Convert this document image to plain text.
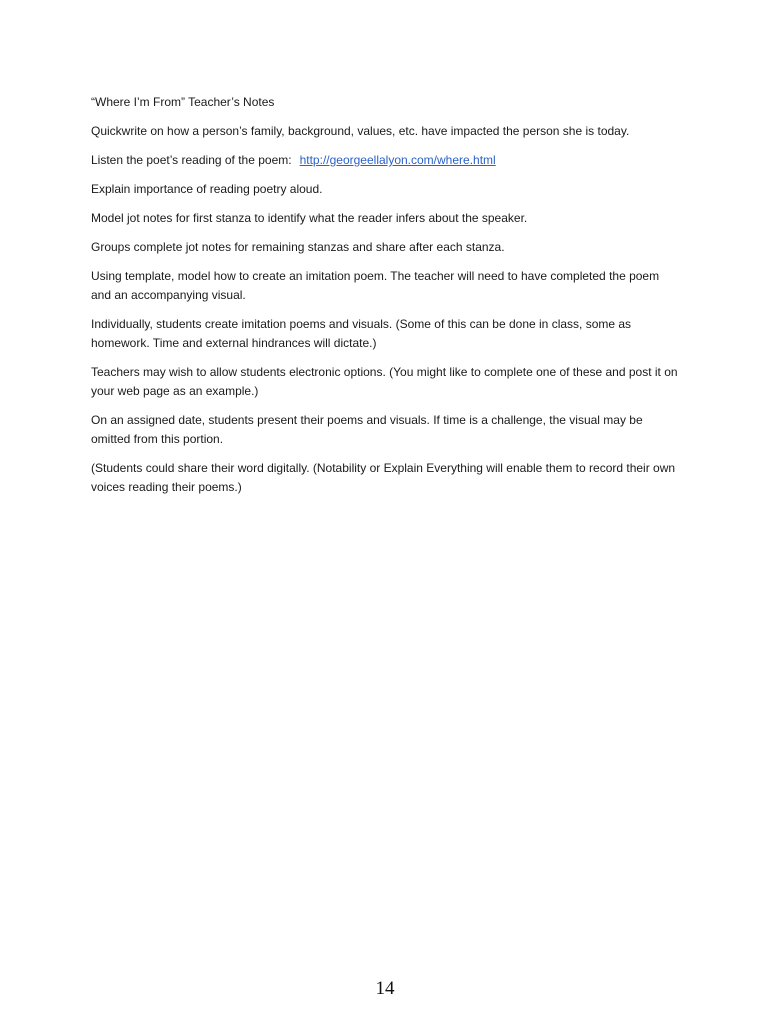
“Where I’m From” Teacher’s Notes
Quickwrite on how a person’s family, background, values, etc. have impacted the person she is today.
Listen the poet’s reading of the poem: http://georgeellalyon.com/where.html
Explain importance of reading poetry aloud.
Model jot notes for first stanza to identify what the reader infers about the speaker.
Groups complete jot notes for remaining stanzas and share after each stanza.
Using template, model how to create an imitation poem. The teacher will need to have completed the poem and an accompanying visual.
Individually, students create imitation poems and visuals. (Some of this can be done in class, some as homework. Time and external hindrances will dictate.)
Teachers may wish to allow students electronic options. (You might like to complete one of these and post it on your web page as an example.)
On an assigned date, students present their poems and visuals. If time is a challenge, the visual may be omitted from this portion.
(Students could share their word digitally. (Notability or Explain Everything will enable them to record their own voices reading their poems.)
14
